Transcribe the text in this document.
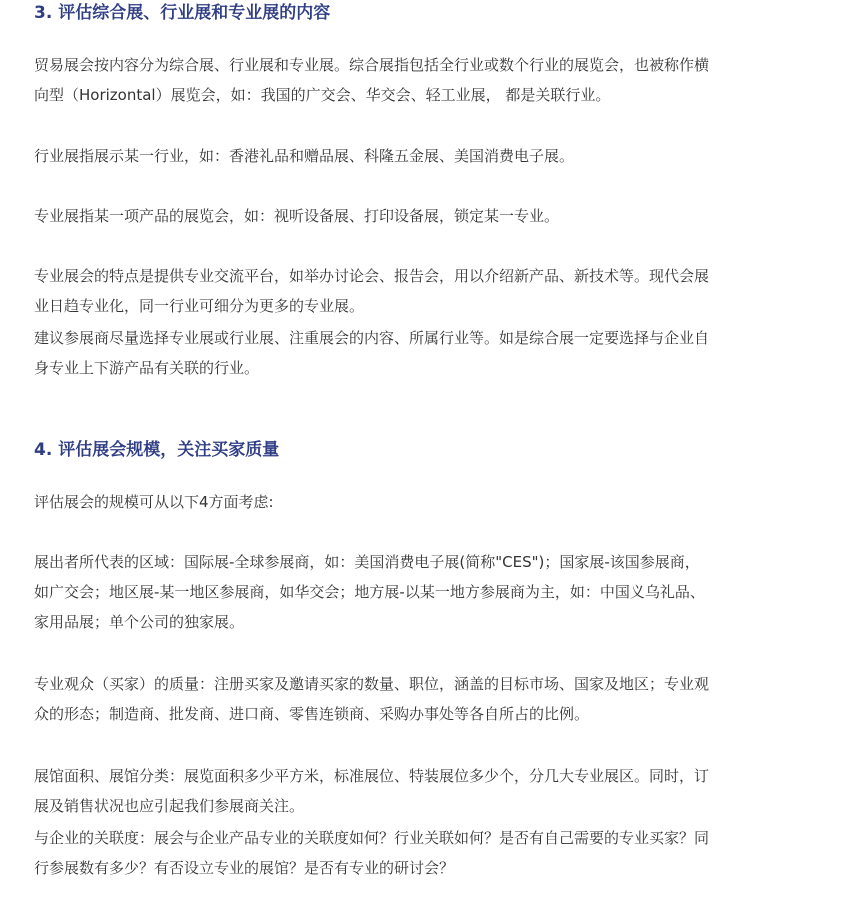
3. 评估综合展、行业展和专业展的内容

贸易展会按内容分为综合展、行业展和专业展。综合展指包括全行业或数个行业的展览会，也被称作横向型（Horizontal）展览会，如：我国的广交会、华交会、轻工业展， 都是关联行业。

行业展指展示某一行业，如：香港礼品和赠品展、科隆五金展、美国消费电子展。

专业展指某一项产品的展览会，如：视听设备展、打印设备展，锁定某一专业。

专业展会的特点是提供专业交流平台，如举办讨论会、报告会，用以介绍新产品、新技术等。现代会展业日趋专业化，同一行业可细分为更多的专业展。

建议参展商尽量选择专业展或行业展、注重展会的内容、所属行业等。如是综合展一定要选择与企业自身专业上下游产品有关联的行业。

4. 评估展会规模，关注买家质量

评估展会的规模可从以下4方面考虑:

展出者所代表的区域：国际展-全球参展商，如：美国消费电子展(简称"CES")；国家展-该国参展商，如广交会；地区展-某一地区参展商，如华交会；地方展-以某一地方参展商为主，如：中国义乌礼品、家用品展；单个公司的独家展。

专业观众（买家）的质量：注册买家及邀请买家的数量、职位，涵盖的目标市场、国家及地区；专业观众的形态；制造商、批发商、进口商、零售连锁商、采购办事处等各自所占的比例。

展馆面积、展馆分类：展览面积多少平方米，标准展位、特装展位多少个，分几大专业展区。同时，订展及销售状况也应引起我们参展商关注。

与企业的关联度：展会与企业产品专业的关联度如何？行业关联如何？是否有自己需要的专业买家？同行参展数有多少？有否设立专业的展馆？是否有专业的研讨会？
